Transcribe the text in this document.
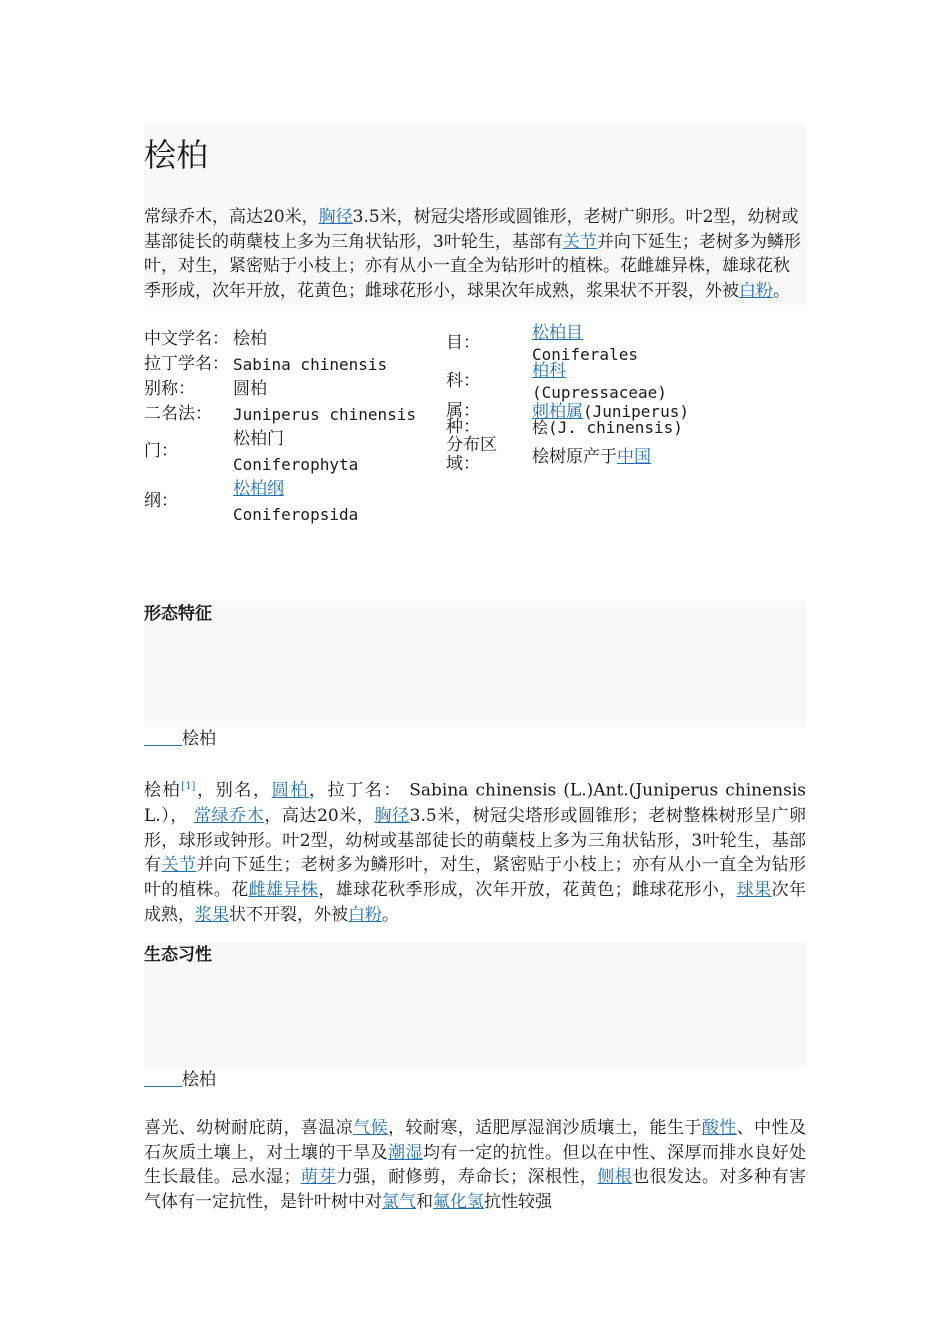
桧柏

常绿乔木，高达20米，胸径3.5米，树冠尖塔形或圆锥形，老树广卵形。叶2型，幼树或基部徒长的萌蘖枝上多为三角状钻形，3叶轮生，基部有关节并向下延生；老树多为鳞形叶，对生，紧密贴于小枝上；亦有从小一直全为钻形叶的植株。花雌雄异株，雄球花秋季形成，次年开放，花黄色；雌球花形小，球果次年成熟，浆果状不开裂，外被白粉。

中文学名： 桧柏
拉丁学名： Sabina chinensis
别称： 圆柏
二名法： Juniperus chinensis
门：
松柏门
Coniferophyta
纲：
松柏纲
Coniferopsida
目：	松柏目
Coniferales
科：	柏科
(Cupressaceae)
属：	刺柏属(Juniperus)
种：	桧(J. chinensis)
分布区域：	桧树原产于中国
形态特征

桧柏

桧柏[1]，别名，圆柏，拉丁名： Sabina chinensis (L.)Ant.(Juniperus chinensis L.）， 常绿乔木，高达20米，胸径3.5米，树冠尖塔形或圆锥形；老树整株树形呈广卵形，球形或钟形。叶2型，幼树或基部徒长的萌蘖枝上多为三角状钻形，3叶轮生，基部有关节并向下延生；老树多为鳞形叶，对生，紧密贴于小枝上；亦有从小一直全为钻形叶的植株。花雌雄异株，雄球花秋季形成，次年开放，花黄色；雌球花形小，球果次年成熟，浆果状不开裂，外被白粉。

生态习性

桧柏

喜光、幼树耐庇荫，喜温凉气候，较耐寒，适肥厚湿润沙质壤土，能生于酸性、中性及石灰质土壤上，对土壤的干旱及潮湿均有一定的抗性。但以在中性、深厚而排水良好处生长最佳。忌水湿；萌芽力强，耐修剪，寿命长；深根性，侧根也很发达。对多种有害气体有一定抗性，是针叶树中对氯气和氟化氢抗性较强
